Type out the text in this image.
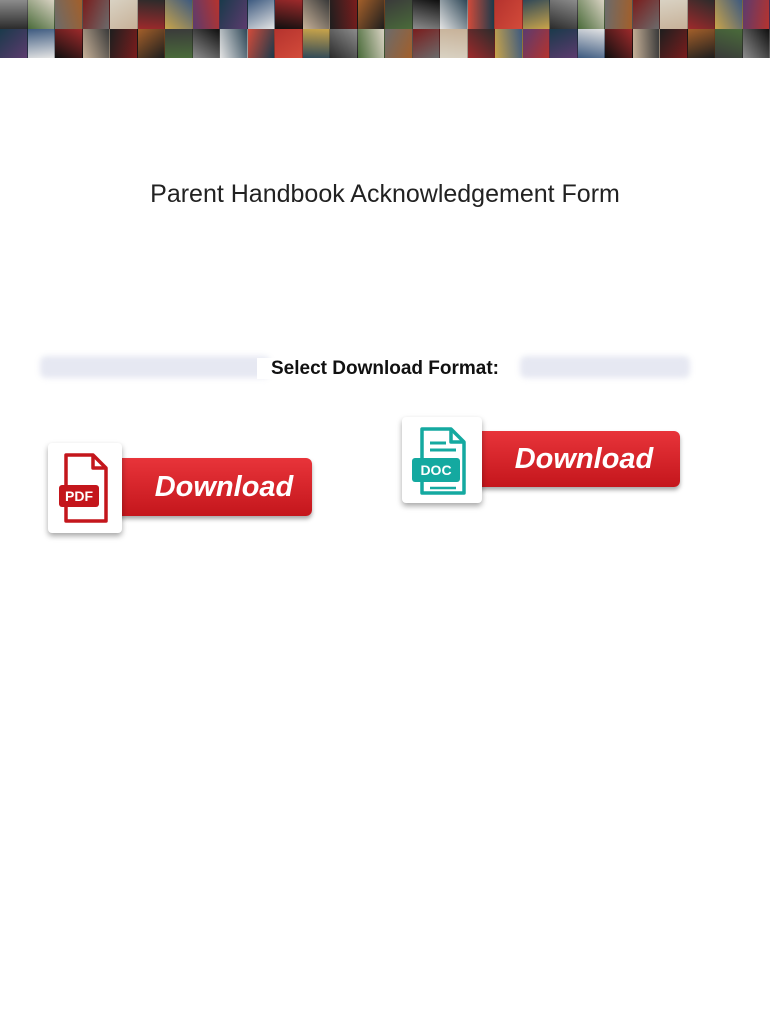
Parent Handbook Acknowledgement Form
Select Download Format:
Download
PDF
Download
DOC
